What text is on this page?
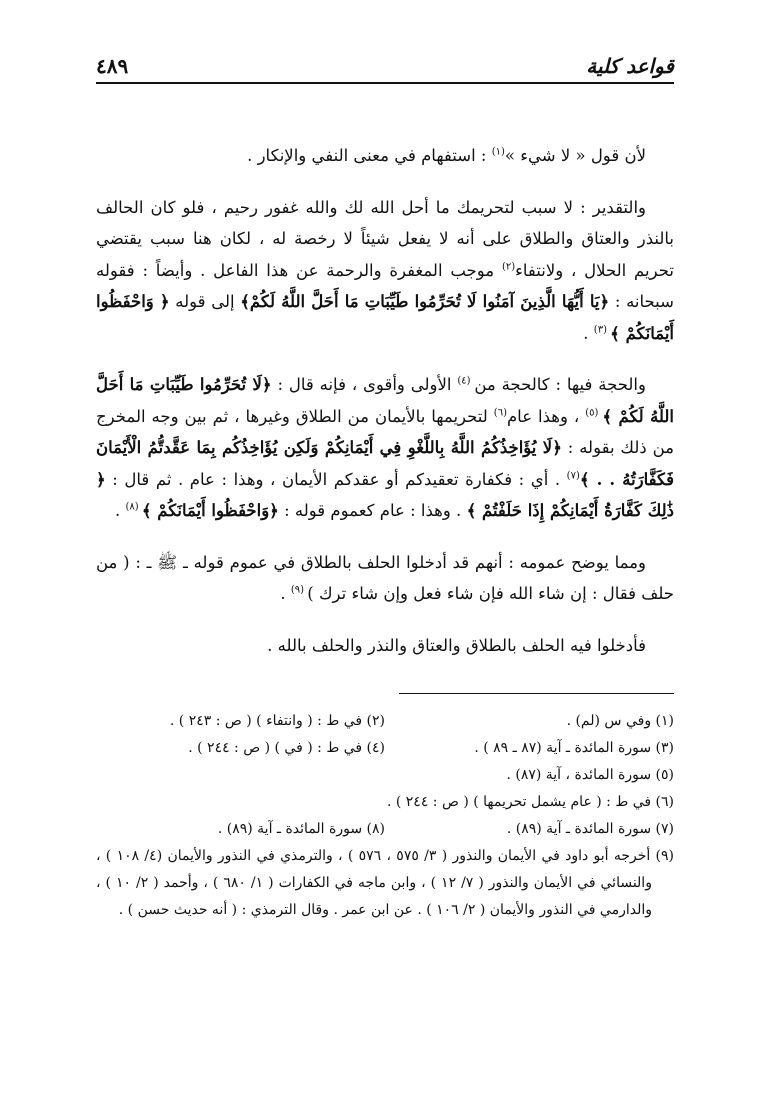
قواعد كلية
٤٨٩

لأن قول « لا شيء »$^{(١)}$ : استفهام في معنى النفي والإنكار .

والتقدير : لا سبب لتحريمك ما أحل الله لك والله غفور رحيم ، فلو كان الحالف بالنذر والعتاق والطلاق على أنه لا يفعل شيئاً لا رخصة له ، لكان هنا سبب يقتضي تحريم الحلال ، ولانتفاء$^{(٢)}$ موجب المغفرة والرحمة عن هذا الفاعل . وأيضاً : فقوله سبحانه : ﴿يَا أَيُّهَا الَّذِينَ آمَنُوا لَا تُحَرِّمُوا طَيِّبَاتِ مَا أَحَلَّ اللَّهُ لَكُمْ﴾ إلى قوله ﴿ وَاحْفَظُوا أَيْمَانَكُمْ ﴾ $^{(٣)}$ .

والحجة فيها : كالحجة من $^{(٤)}$ الأولى وأقوى ، فإنه قال : ﴿لَا تُحَرِّمُوا طَيِّبَاتِ مَا أَحَلَّ اللَّهُ لَكُمْ ﴾ $^{(٥)}$ ، وهذا عام$^{(٦)}$ لتحريمها بالأيمان من الطلاق وغيرها ، ثم بين وجه المخرج من ذلك بقوله : ﴿لَا يُؤَاخِذُكُمُ اللَّهُ بِاللَّغْوِ فِي أَيْمَانِكُمْ وَلَكِن يُؤَاخِذُكُم بِمَا عَقَّدتُّمُ الْأَيْمَانَ فَكَفَّارَتُهُ . . ﴾$^{(٧)}$ . أي : فكفارة تعقيدكم أو عقدكم الأيمان ، وهذا : عام . ثم قال : ﴿ ذَٰلِكَ كَفَّارَةُ أَيْمَانِكُمْ إِذَا حَلَفْتُمْ ﴾ . وهذا : عام كعموم قوله : ﴿وَاحْفَظُوا أَيْمَانَكُمْ ﴾ $^{(٨)}$ .

ومما يوضح عمومه : أنهم قد أدخلوا الحلف بالطلاق في عموم قوله ـ ﷺ ـ : ( من حلف فقال : إن شاء الله فإن شاء فعل وإن شاء ترك ) $^{(٩)}$ .

فأدخلوا فيه الحلف بالطلاق والعتاق والنذر والحلف بالله .

(١) وفي س (لم) .
(٢) في ط : ( وانتفاء ) ( ص : ٢٤٣ ) .
(٣) سورة المائدة ـ آية (٨٧ ـ ٨٩ ) .
(٤) في ط : ( في ) ( ص : ٢٤٤ ) .
(٥) سورة المائدة ، آية (٨٧) .
(٦) في ط : ( عام يشمل تحريمها ) ( ص : ٢٤٤ ) .
(٧) سورة المائدة ـ آية (٨٩) .
(٨) سورة المائدة ـ آية (٨٩) .
(٩) أخرجه أبو داود في الأيمان والنذور ( ٣/ ٥٧٥ ، ٥٧٦ ) ، والترمذي في النذور والأيمان (٤/ ١٠٨ ) ، والنسائي في الأيمان والنذور ( ٧/ ١٢ ) ، وابن ماجه في الكفارات ( ١/ ٦٨٠ ) ، وأحمد ( ٢/ ١٠ ) ، والدارمي في النذور والأيمان ( ٢/ ١٠٦ ) . عن ابن عمر . وقال الترمذي : ( أنه حديث حسن ) .
